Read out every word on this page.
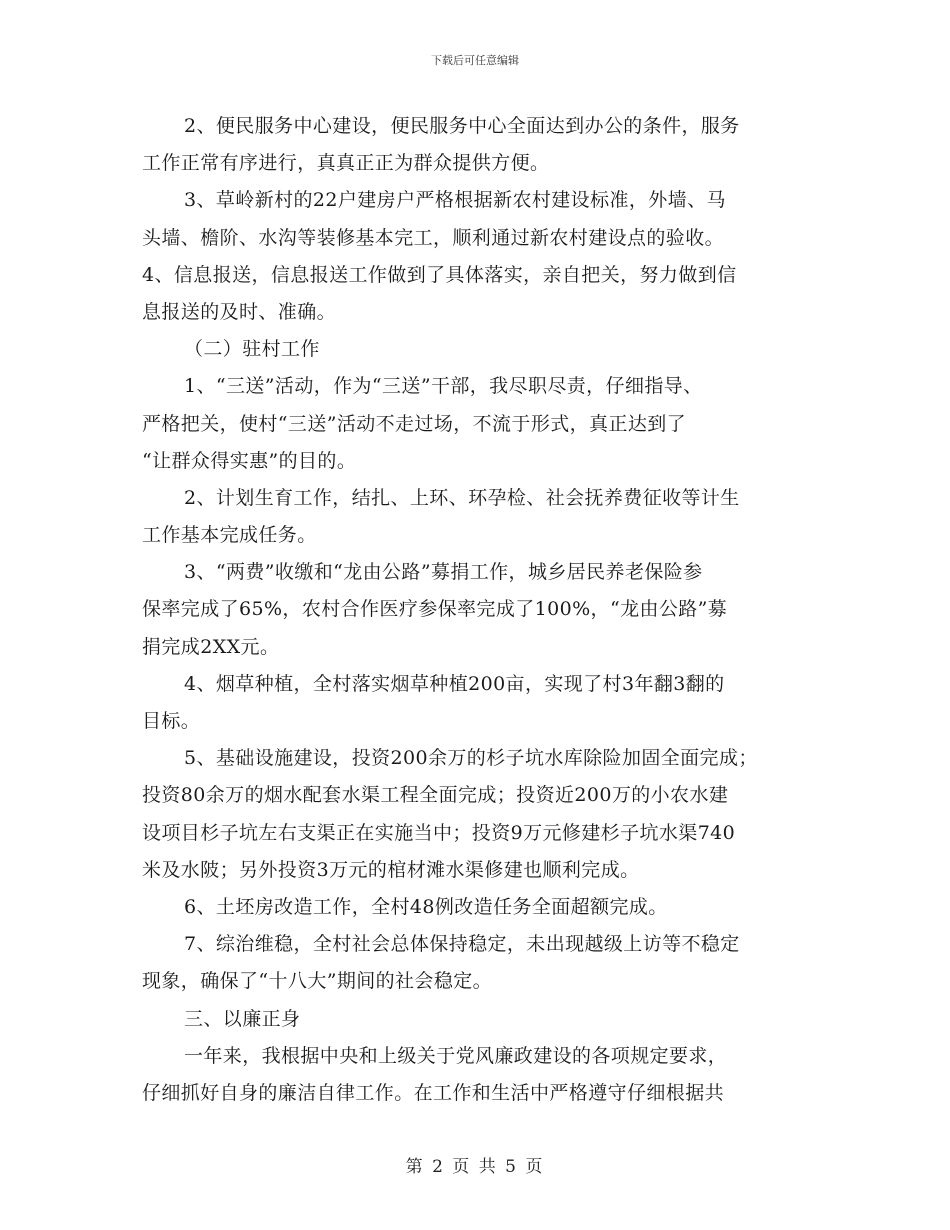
下载后可任意编辑
2、便民服务中心建设，便民服务中心全面达到办公的条件，服务
工作正常有序进行，真真正正为群众提供方便。
3、草岭新村的22户建房户严格根据新农村建设标准，外墙、马
头墙、檐阶、水沟等装修基本完工，顺利通过新农村建设点的验收。
4、信息报送，信息报送工作做到了具体落实，亲自把关，努力做到信
息报送的及时、准确。
（二）驻村工作
1、“三送”活动，作为“三送”干部，我尽职尽责，仔细指导、
严格把关，使村“三送”活动不走过场，不流于形式，真正达到了
“让群众得实惠”的目的。
2、计划生育工作，结扎、上环、环孕检、社会抚养费征收等计生
工作基本完成任务。
3、“两费”收缴和“龙由公路”募捐工作，城乡居民养老保险参
保率完成了65%，农村合作医疗参保率完成了100%，“龙由公路”募
捐完成2XX元。
4、烟草种植，全村落实烟草种植200亩，实现了村3年翻3翻的
目标。
5、基础设施建设，投资200余万的杉子坑水库除险加固全面完成；
投资80余万的烟水配套水渠工程全面完成；投资近200万的小农水建
设项目杉子坑左右支渠正在实施当中；投资9万元修建杉子坑水渠740
米及水陂；另外投资3万元的棺材滩水渠修建也顺利完成。
6、土坯房改造工作，全村48例改造任务全面超额完成。
7、综治维稳，全村社会总体保持稳定，未出现越级上访等不稳定
现象，确保了“十八大”期间的社会稳定。
三、以廉正身
一年来，我根据中央和上级关于党风廉政建设的各项规定要求，
仔细抓好自身的廉洁自律工作。在工作和生活中严格遵守仔细根据共
第 2 页 共 5 页
